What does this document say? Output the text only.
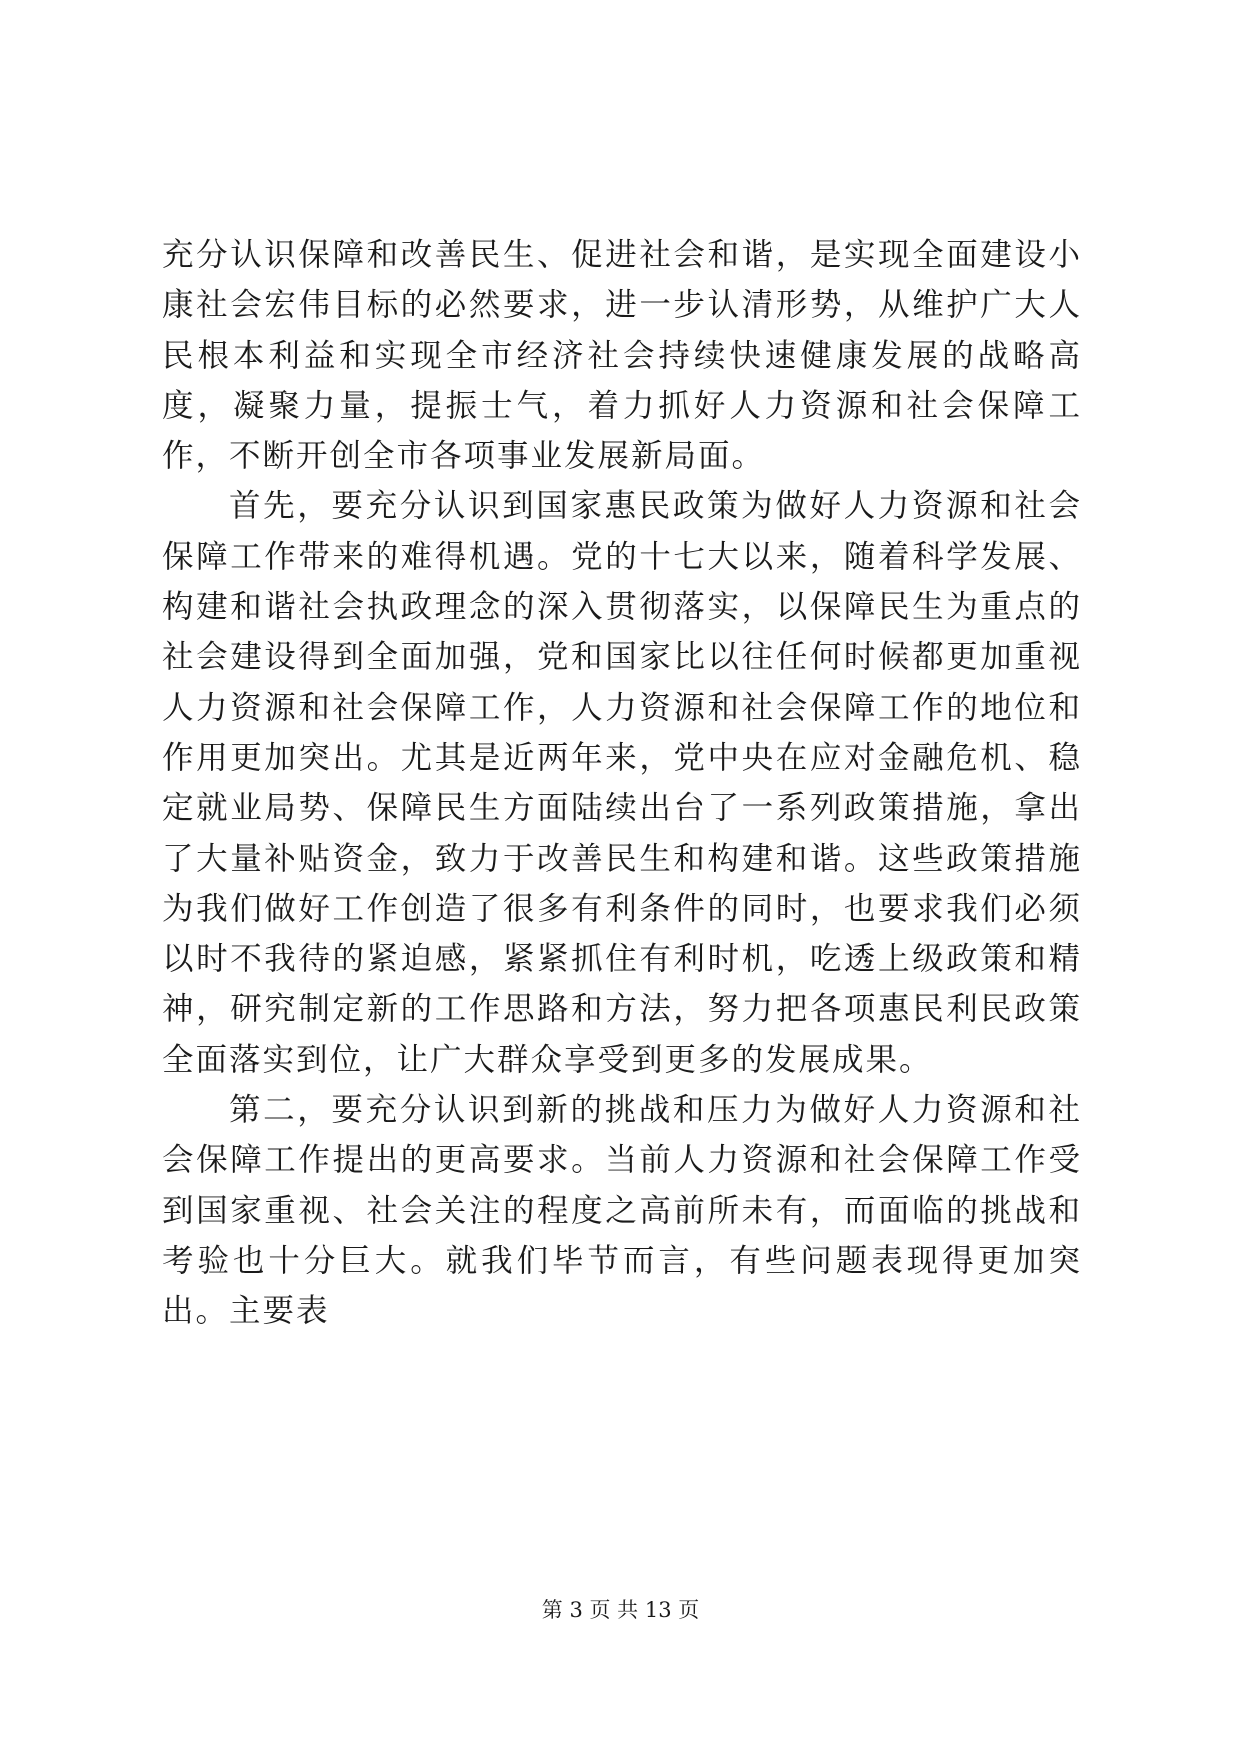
充分认识保障和改善民生、促进社会和谐，是实现全面建设小康社会宏伟目标的必然要求，进一步认清形势，从维护广大人民根本利益和实现全市经济社会持续快速健康发展的战略高度，凝聚力量，提振士气，着力抓好人力资源和社会保障工作，不断开创全市各项事业发展新局面。

首先，要充分认识到国家惠民政策为做好人力资源和社会保障工作带来的难得机遇。党的十七大以来，随着科学发展、构建和谐社会执政理念的深入贯彻落实，以保障民生为重点的社会建设得到全面加强，党和国家比以往任何时候都更加重视人力资源和社会保障工作，人力资源和社会保障工作的地位和作用更加突出。尤其是近两年来，党中央在应对金融危机、稳定就业局势、保障民生方面陆续出台了一系列政策措施，拿出了大量补贴资金，致力于改善民生和构建和谐。这些政策措施为我们做好工作创造了很多有利条件的同时，也要求我们必须以时不我待的紧迫感，紧紧抓住有利时机，吃透上级政策和精神，研究制定新的工作思路和方法，努力把各项惠民利民政策全面落实到位，让广大群众享受到更多的发展成果。

第二，要充分认识到新的挑战和压力为做好人力资源和社会保障工作提出的更高要求。当前人力资源和社会保障工作受到国家重视、社会关注的程度之高前所未有，而面临的挑战和考验也十分巨大。就我们毕节而言，有些问题表现得更加突出。主要表

第 3 页 共 13 页
